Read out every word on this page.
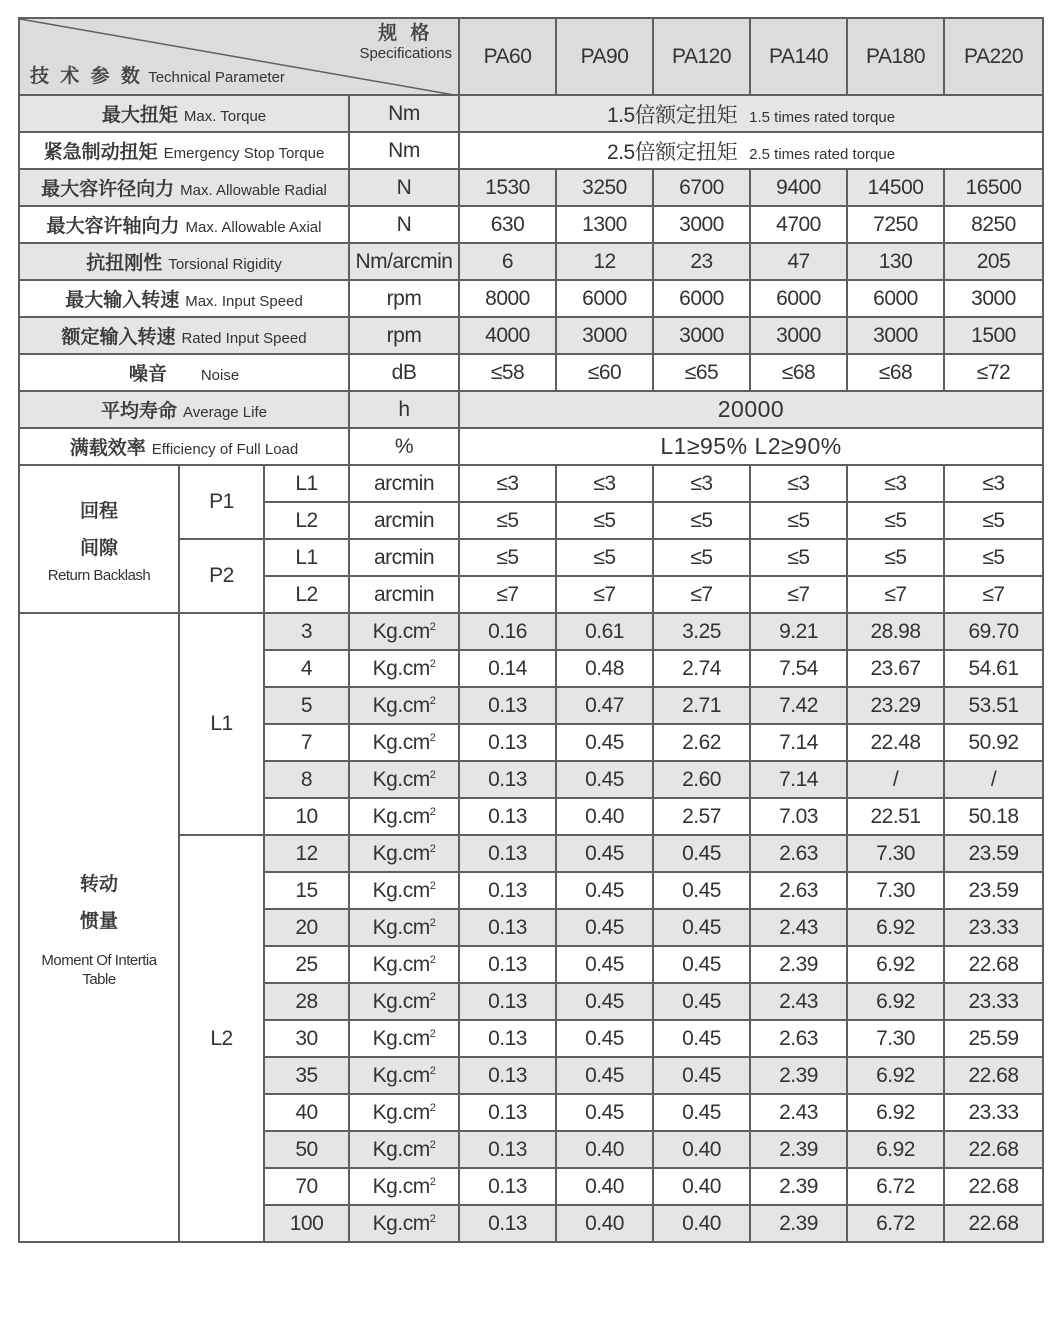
规 格
Specifications
技 术 参 数 Technical Parameter				PA60	PA90	PA120	PA140	PA180	PA220
最大扭矩 Max. Torque			Nm	1.5倍额定扭矩 1.5 times rated torque					
紧急制动扭矩 Emergency Stop Torque			Nm	2.5倍额定扭矩 2.5 times rated torque					
最大容许径向力 Max. Allowable Radial			N	1530	3250	6700	9400	14500	16500
最大容许轴向力 Max. Allowable Axial			N	630	1300	3000	4700	7250	8250
抗扭刚性 Torsional Rigidity			Nm/arcmin	6	12	23	47	130	205
最大输入转速 Max. Input Speed			rpm	8000	6000	6000	6000	6000	3000
额定输入转速 Rated Input Speed			rpm	4000	3000	3000	3000	3000	1500
噪音 Noise			dB	≤58	≤60	≤65	≤68	≤68	≤72
平均寿命 Average Life			h	20000					
满载效率 Efficiency of Full Load			%	L1≥95% L2≥90%					

回程
间隙
Return Backlash	P1	L1	arcmin	≤3	≤3	≤3	≤3	≤3	≤3
		L2	arcmin	≤5	≤5	≤5	≤5	≤5	≤5
	P2	L1	arcmin	≤5	≤5	≤5	≤5	≤5	≤5
		L2	arcmin	≤7	≤7	≤7	≤7	≤7	≤7

转动
惯量
Moment Of Intertia
Table	L1	3	$Kg.cm^2$	0.16	0.61	3.25	9.21	28.98	69.70
		4	$Kg.cm^2$	0.14	0.48	2.74	7.54	23.67	54.61
		5	$Kg.cm^2$	0.13	0.47	2.71	7.42	23.29	53.51
		7	$Kg.cm^2$	0.13	0.45	2.62	7.14	22.48	50.92
		8	$Kg.cm^2$	0.13	0.45	2.60	7.14	/	/
		10	$Kg.cm^2$	0.13	0.40	2.57	7.03	22.51	50.18
	L2	12	$Kg.cm^2$	0.13	0.45	0.45	2.63	7.30	23.59
		15	$Kg.cm^2$	0.13	0.45	0.45	2.63	7.30	23.59
		20	$Kg.cm^2$	0.13	0.45	0.45	2.43	6.92	23.33
		25	$Kg.cm^2$	0.13	0.45	0.45	2.39	6.92	22.68
		28	$Kg.cm^2$	0.13	0.45	0.45	2.43	6.92	23.33
		30	$Kg.cm^2$	0.13	0.45	0.45	2.63	7.30	25.59
		35	$Kg.cm^2$	0.13	0.45	0.45	2.39	6.92	22.68
		40	$Kg.cm^2$	0.13	0.45	0.45	2.43	6.92	23.33
		50	$Kg.cm^2$	0.13	0.40	0.40	2.39	6.92	22.68
		70	$Kg.cm^2$	0.13	0.40	0.40	2.39	6.72	22.68
		100	$Kg.cm^2$	0.13	0.40	0.40	2.39	6.72	22.68
